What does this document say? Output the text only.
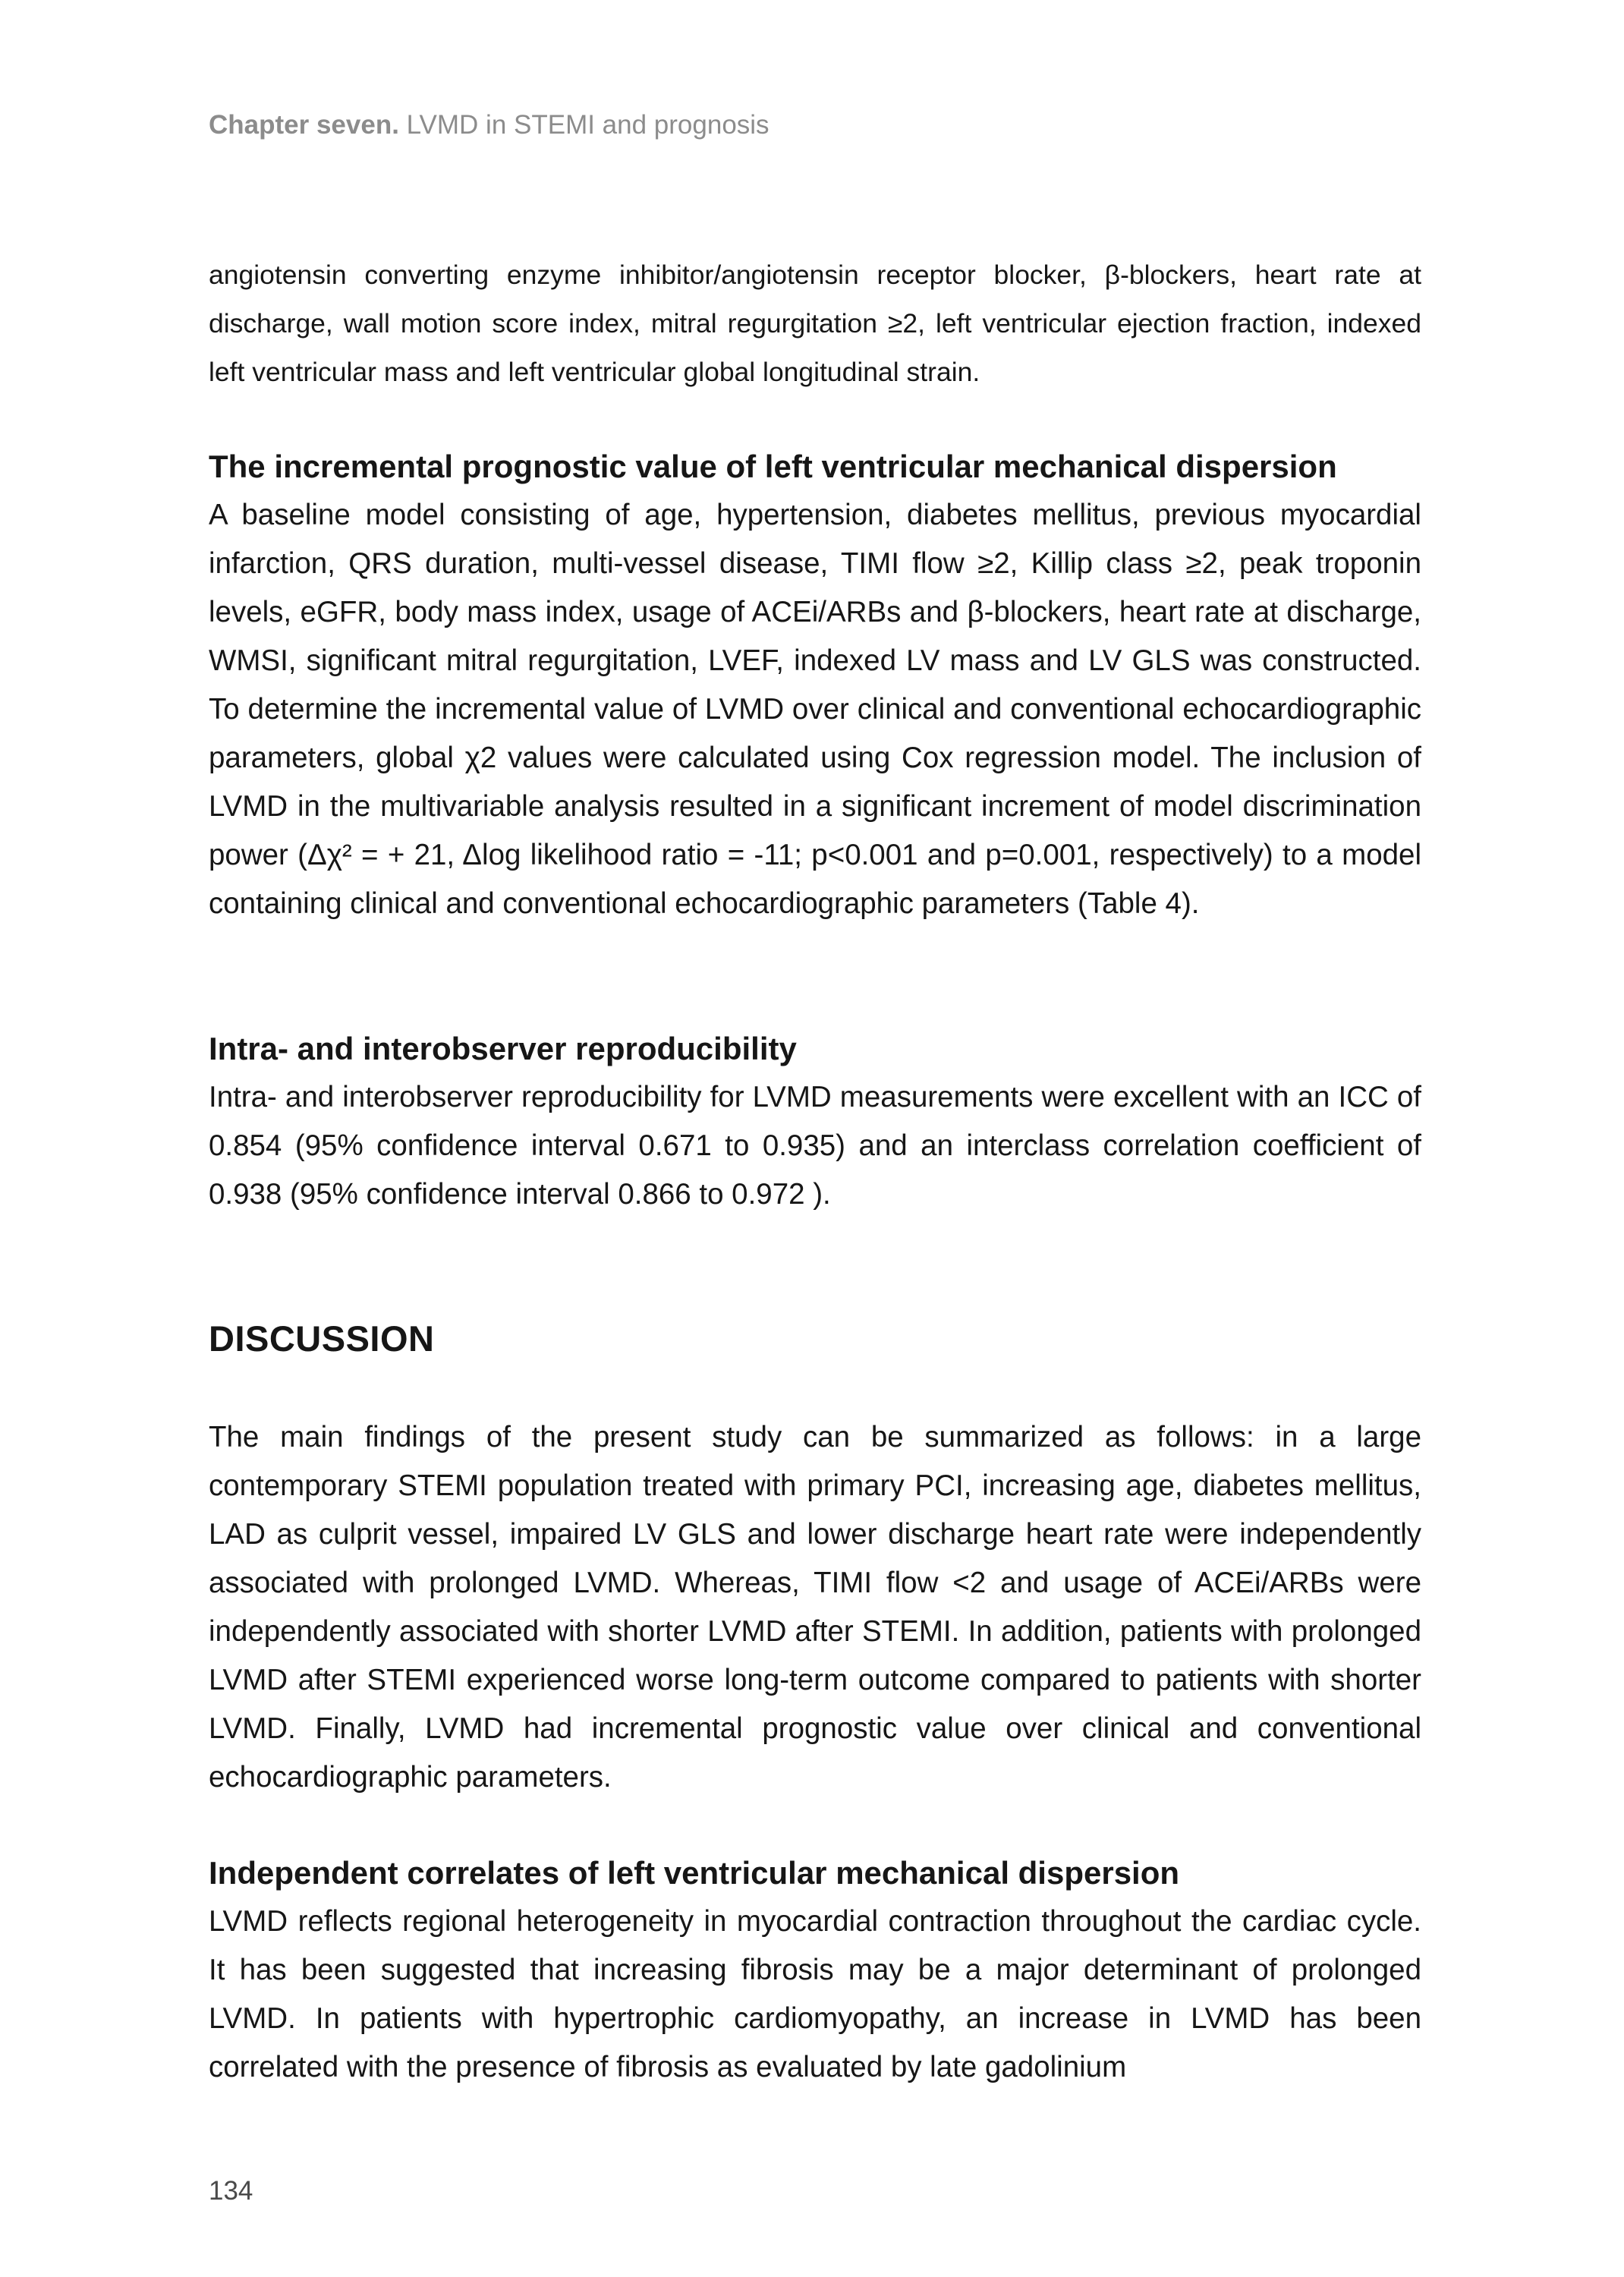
Chapter seven. LVMD in STEMI and prognosis

angiotensin converting enzyme inhibitor/angiotensin receptor blocker, β-blockers, heart rate at discharge, wall motion score index, mitral regurgitation ≥2, left ventricular ejection fraction, indexed left ventricular mass and left ventricular global longitudinal strain.

The incremental prognostic value of left ventricular mechanical dispersion

A baseline model consisting of age, hypertension, diabetes mellitus, previous myocardial infarction, QRS duration, multi-vessel disease, TIMI flow ≥2, Killip class ≥2, peak troponin levels, eGFR, body mass index, usage of ACEi/ARBs and β-blockers, heart rate at discharge, WMSI, significant mitral regurgitation, LVEF, indexed LV mass and LV GLS was constructed. To determine the incremental value of LVMD over clinical and conventional echocardiographic parameters, global χ2 values were calculated using Cox regression model. The inclusion of LVMD in the multivariable analysis resulted in a significant increment of model discrimination power (Δχ² = + 21, Δlog likelihood ratio = -11; p<0.001 and p=0.001, respectively) to a model containing clinical and conventional echocardiographic parameters (Table 4).

Intra- and interobserver reproducibility

Intra- and interobserver reproducibility for LVMD measurements were excellent with an ICC of 0.854 (95% confidence interval 0.671 to 0.935) and an interclass correlation coefficient of 0.938 (95% confidence interval 0.866 to 0.972 ).

DISCUSSION

The main findings of the present study can be summarized as follows: in a large contemporary STEMI population treated with primary PCI, increasing age, diabetes mellitus, LAD as culprit vessel, impaired LV GLS and lower discharge heart rate were independently associated with prolonged LVMD. Whereas, TIMI flow <2 and usage of ACEi/ARBs were independently associated with shorter LVMD after STEMI. In addition, patients with prolonged LVMD after STEMI experienced worse long-term outcome compared to patients with shorter LVMD. Finally, LVMD had incremental prognostic value over clinical and conventional echocardiographic parameters.

Independent correlates of left ventricular mechanical dispersion

LVMD reflects regional heterogeneity in myocardial contraction throughout the cardiac cycle. It has been suggested that increasing fibrosis may be a major determinant of prolonged LVMD. In patients with hypertrophic cardiomyopathy, an increase in LVMD has been correlated with the presence of fibrosis as evaluated by late gadolinium

134
